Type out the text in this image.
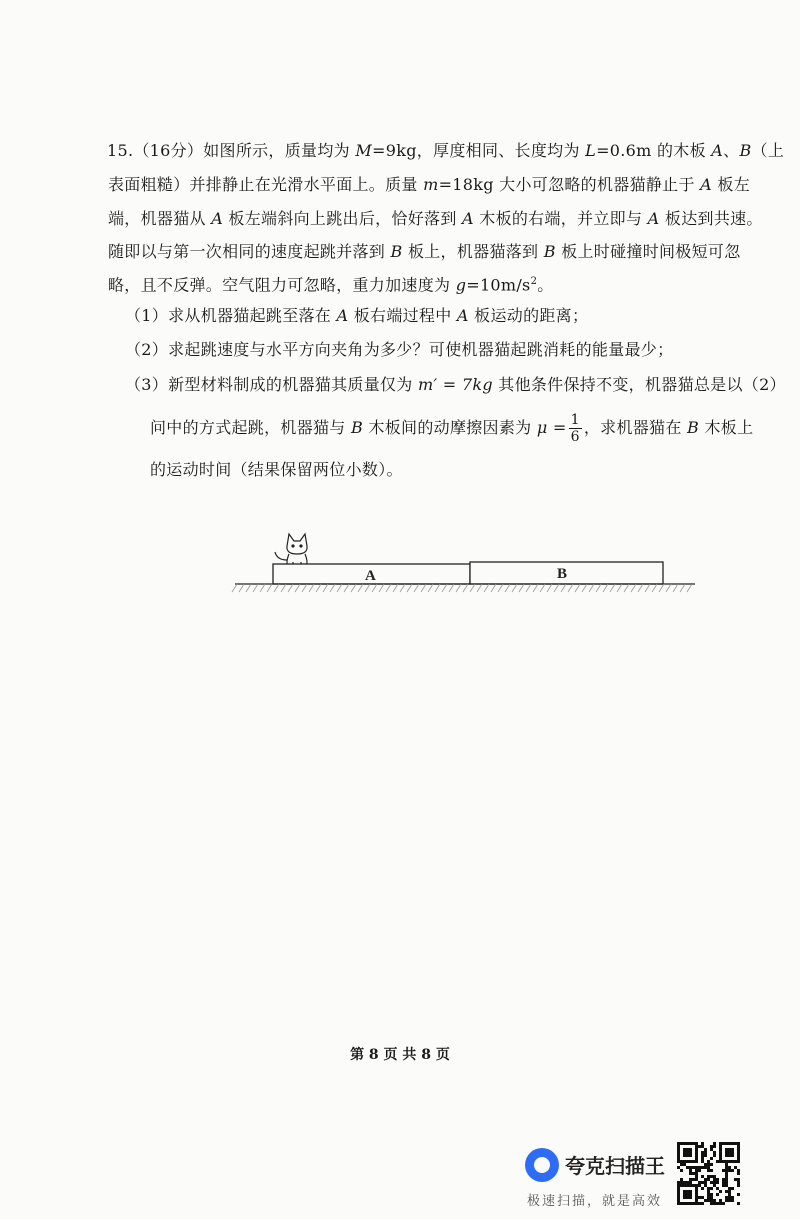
15.（16分）如图所示，质量均为 M=9kg，厚度相同、长度均为 L=0.6m 的木板 A、B（上
表面粗糙）并排静止在光滑水平面上。质量 m=18kg 大小可忽略的机器猫静止于 A 板左
端，机器猫从 A 板左端斜向上跳出后，恰好落到 A 木板的右端，并立即与 A 板达到共速。
随即以与第一次相同的速度起跳并落到 B 板上，机器猫落到 B 板上时碰撞时间极短可忽
略，且不反弹。空气阻力可忽略，重力加速度为 $g=10m/s^2$。
（1）求从机器猫起跳至落在 A 板右端过程中 A 板运动的距离；
（2）求起跳速度与水平方向夹角为多少？可使机器猫起跳消耗的能量最少；
（3）新型材料制成的机器猫其质量仅为 m′ = 7kg 其他条件保持不变，机器猫总是以（2）
问中的方式起跳，机器猫与 B 木板间的动摩擦因素为 $\mu = \frac{1}{6}$ ，求机器猫在 B 木板上
的运动时间（结果保留两位小数）。
A	B
第 8 页 共 8 页
夸克扫描王
极速扫描，就是高效
